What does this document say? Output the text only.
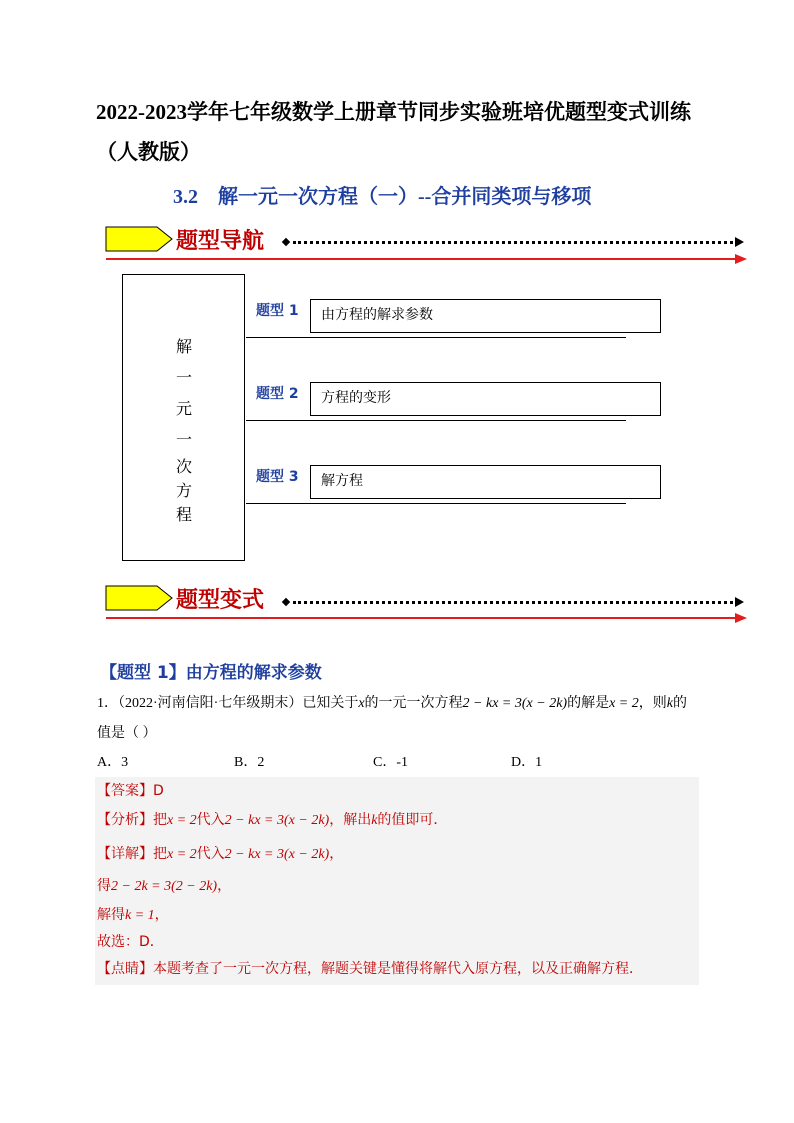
2022-2023学年七年级数学上册章节同步实验班培优题型变式训练（人教版）
3.2　解一元一次方程（一）--合并同类项与移项
题型导航
解
一
元
一
次
方
程
题型 1	由方程的解求参数
题型 2	方程的变形
题型 3	解方程
题型变式
【题型 1】由方程的解求参数
1．（2022·河南信阳·七年级期末）已知关于x的一元一次方程2 − kx = 3(x − 2k)的解是x = 2，则k的
值是（ ）
A．3	B．2	C．-1	D．1
【答案】D
【分析】把x = 2代入2 − kx = 3(x − 2k)，解出k的值即可．
【详解】把x = 2代入2 − kx = 3(x − 2k)，
得2 − 2k = 3(2 − 2k)，
解得k = 1，
故选：D．
【点睛】本题考查了一元一次方程，解题关键是懂得将解代入原方程，以及正确解方程．
